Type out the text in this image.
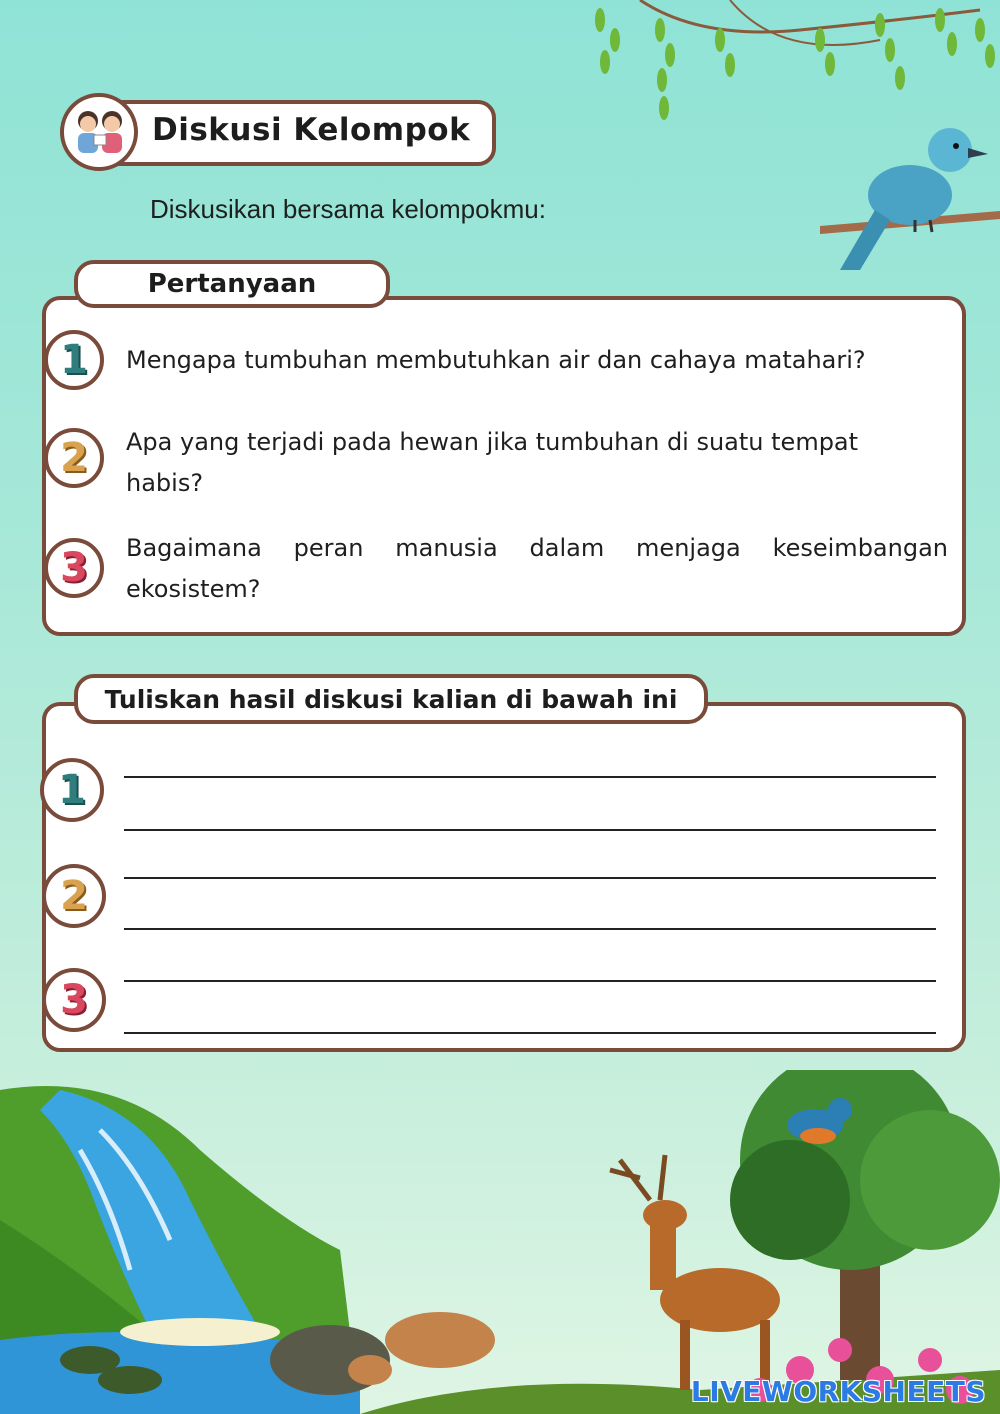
Diskusi Kelompok
Diskusikan bersama kelompokmu:
Pertanyaan
1	Mengapa tumbuhan membutuhkan air dan cahaya matahari?
2	Apa yang terjadi pada hewan jika tumbuhan di suatu tempat habis?
3	Bagaimana peran manusia dalam menjaga keseimbangan ekosistem?
Tuliskan hasil diskusi kalian di bawah ini
1
2
3
LIVEWORKSHEETS
